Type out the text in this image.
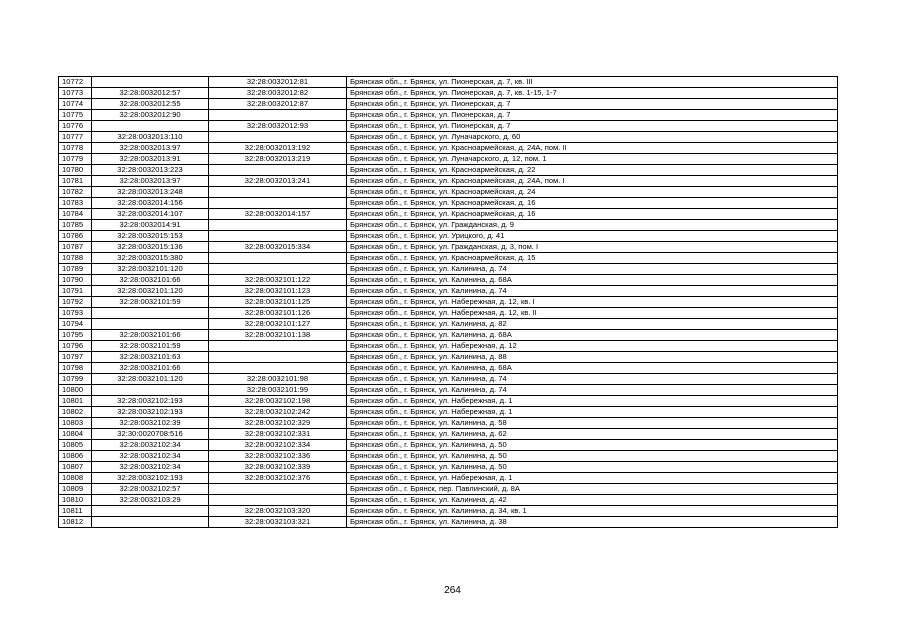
10772		32:28:0032012:81	Брянская обл., г. Брянск, ул. Пионерская, д. 7, кв. III
10773	32:28:0032012:57	32:28:0032012:82	Брянская обл., г. Брянск, ул. Пионерская, д. 7, кв. 1-15, 1-7
10774	32:28:0032012:55	32:28:0032012:87	Брянская обл., г. Брянск, ул. Пионерская, д. 7
10775	32:28:0032012:90		Брянская обл., г. Брянск, ул. Пионерская, д. 7
10776		32:28:0032012:93	Брянская обл., г. Брянск, ул. Пионерская, д. 7
10777	32:28:0032013:110		Брянская обл., г. Брянск, ул. Луначарского, д. 60
10778	32:28:0032013:97	32:28:0032013:192	Брянская обл., г. Брянск, ул. Красноармейская, д. 24А, пом. II
10779	32:28:0032013:91	32:28:0032013:219	Брянская обл., г. Брянск, ул. Луначарского, д. 12, пом. 1
10780	32:28:0032013:223		Брянская обл., г. Брянск, ул. Красноармейская, д. 22
10781	32:28:0032013:97	32:28:0032013:241	Брянская обл., г. Брянск, ул. Красноармейская, д. 24А, пом. I
10782	32:28:0032013:248		Брянская обл., г. Брянск, ул. Красноармейская, д. 24
10783	32:28:0032014:156		Брянская обл., г. Брянск, ул. Красноармейская, д. 16
10784	32:28:0032014:107	32:28:0032014:157	Брянская обл., г. Брянск, ул. Красноармейская, д. 16
10785	32:28:0032014:91		Брянская обл., г. Брянск, ул. Гражданская, д. 9
10786	32:28:0032015:153		Брянская обл., г. Брянск, ул. Урицкого, д. 41
10787	32:28:0032015:136	32:28:0032015:334	Брянская обл., г. Брянск, ул. Гражданская, д. 3, пом. I
10788	32:28:0032015:380		Брянская обл., г. Брянск, ул. Красноармейская, д. 15
10789	32:28:0032101:120		Брянская обл., г. Брянск, ул. Калинина, д. 74
10790	32:28:0032101:66	32:28:0032101:122	Брянская обл., г. Брянск, ул. Калинина, д. 68А
10791	32:28:0032101:120	32:28:0032101:123	Брянская обл., г. Брянск, ул. Калинина, д. 74
10792	32:28:0032101:59	32:28:0032101:125	Брянская обл., г. Брянск, ул. Набережная, д. 12, кв. I
10793		32:28:0032101:126	Брянская обл., г. Брянск, ул. Набережная, д. 12, кв. II
10794		32:28:0032101:127	Брянская обл., г. Брянск, ул. Калинина, д. 82
10795	32:28:0032101:66	32:28:0032101:138	Брянская обл., г. Брянск, ул. Калинина, д. 68А
10796	32:28:0032101:59		Брянская обл., г. Брянск, ул. Набережная, д. 12
10797	32:28:0032101:63		Брянская обл., г. Брянск, ул. Калинина, д. 88
10798	32:28:0032101:66		Брянская обл., г. Брянск, ул. Калинина, д. 68А
10799	32:28:0032101:120	32:28:0032101:98	Брянская обл., г. Брянск, ул. Калинина, д. 74
10800		32:28:0032101:99	Брянская обл., г. Брянск, ул. Калинина, д. 74
10801	32:28:0032102:193	32:28:0032102:198	Брянская обл., г. Брянск, ул. Набережная, д. 1
10802	32:28:0032102:193	32:28:0032102:242	Брянская обл., г. Брянск, ул. Набережная, д. 1
10803	32:28:0032102:39	32:28:0032102:329	Брянская обл., г. Брянск, ул. Калинина, д. 58
10804	32:30:0020708:516	32:28:0032102:331	Брянская обл., г. Брянск, ул. Калинина, д. 62
10805	32:28:0032102:34	32:28:0032102:334	Брянская обл., г. Брянск, ул. Калинина, д. 50
10806	32:28:0032102:34	32:28:0032102:336	Брянская обл., г. Брянск, ул. Калинина, д. 50
10807	32:28:0032102:34	32:28:0032102:339	Брянская обл., г. Брянск, ул. Калинина, д. 50
10808	32:28:0032102:193	32:28:0032102:376	Брянская обл., г. Брянск, ул. Набережная, д. 1
10809	32:28:0032102:57		Брянская обл., г. Брянск, пер. Павлинский, д. 8А
10810	32:28:0032103:29		Брянская обл., г. Брянск, ул. Калинина, д. 42
10811		32:28:0032103:320	Брянская обл., г. Брянск, ул. Калинина, д. 34, кв. 1
10812		32:28:0032103:321	Брянская обл., г. Брянск, ул. Калинина, д. 38
264
